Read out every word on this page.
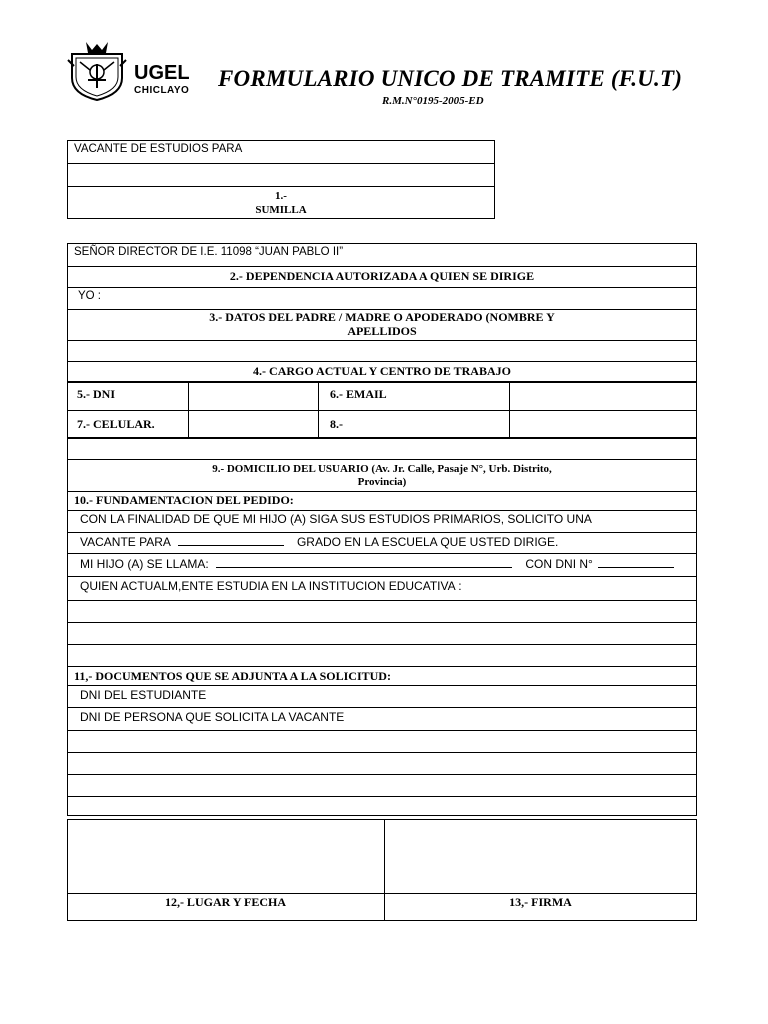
UGEL
CHICLAYO FORMULARIO UNICO DE TRAMITE (F.U.T)
R.M.N°0195-2005-ED
VACANTE DE ESTUDIOS PARA
1.-
SUMILLA
SEÑOR DIRECTOR DE I.E. 11098 “JUAN PABLO II”
2.- DEPENDENCIA AUTORIZADA A QUIEN SE DIRIGE
YO :
3.- DATOS DEL PADRE / MADRE O APODERADO (NOMBRE Y
APELLIDOS
4.- CARGO ACTUAL Y CENTRO DE TRABAJO
5.- DNI	6.- EMAIL
7.- CELULAR.	8.-
9.- DOMICILIO DEL USUARIO (Av. Jr. Calle, Pasaje N°, Urb. Distrito,
Provincia)
10.- FUNDAMENTACION DEL PEDIDO:
CON LA FINALIDAD DE QUE MI HIJO (A) SIGA SUS ESTUDIOS PRIMARIOS, SOLICITO UNA
VACANTE PARA	GRADO EN LA ESCUELA QUE USTED DIRIGE.
MI HIJO (A) SE LLAMA:	CON DNI N°
QUIEN ACTUALM,ENTE ESTUDIA EN LA INSTITUCION EDUCATIVA :
11,- DOCUMENTOS QUE SE ADJUNTA A LA SOLICITUD:
DNI DEL ESTUDIANTE
DNI DE PERSONA QUE SOLICITA LA VACANTE
12,- LUGAR Y FECHA	13,- FIRMA
